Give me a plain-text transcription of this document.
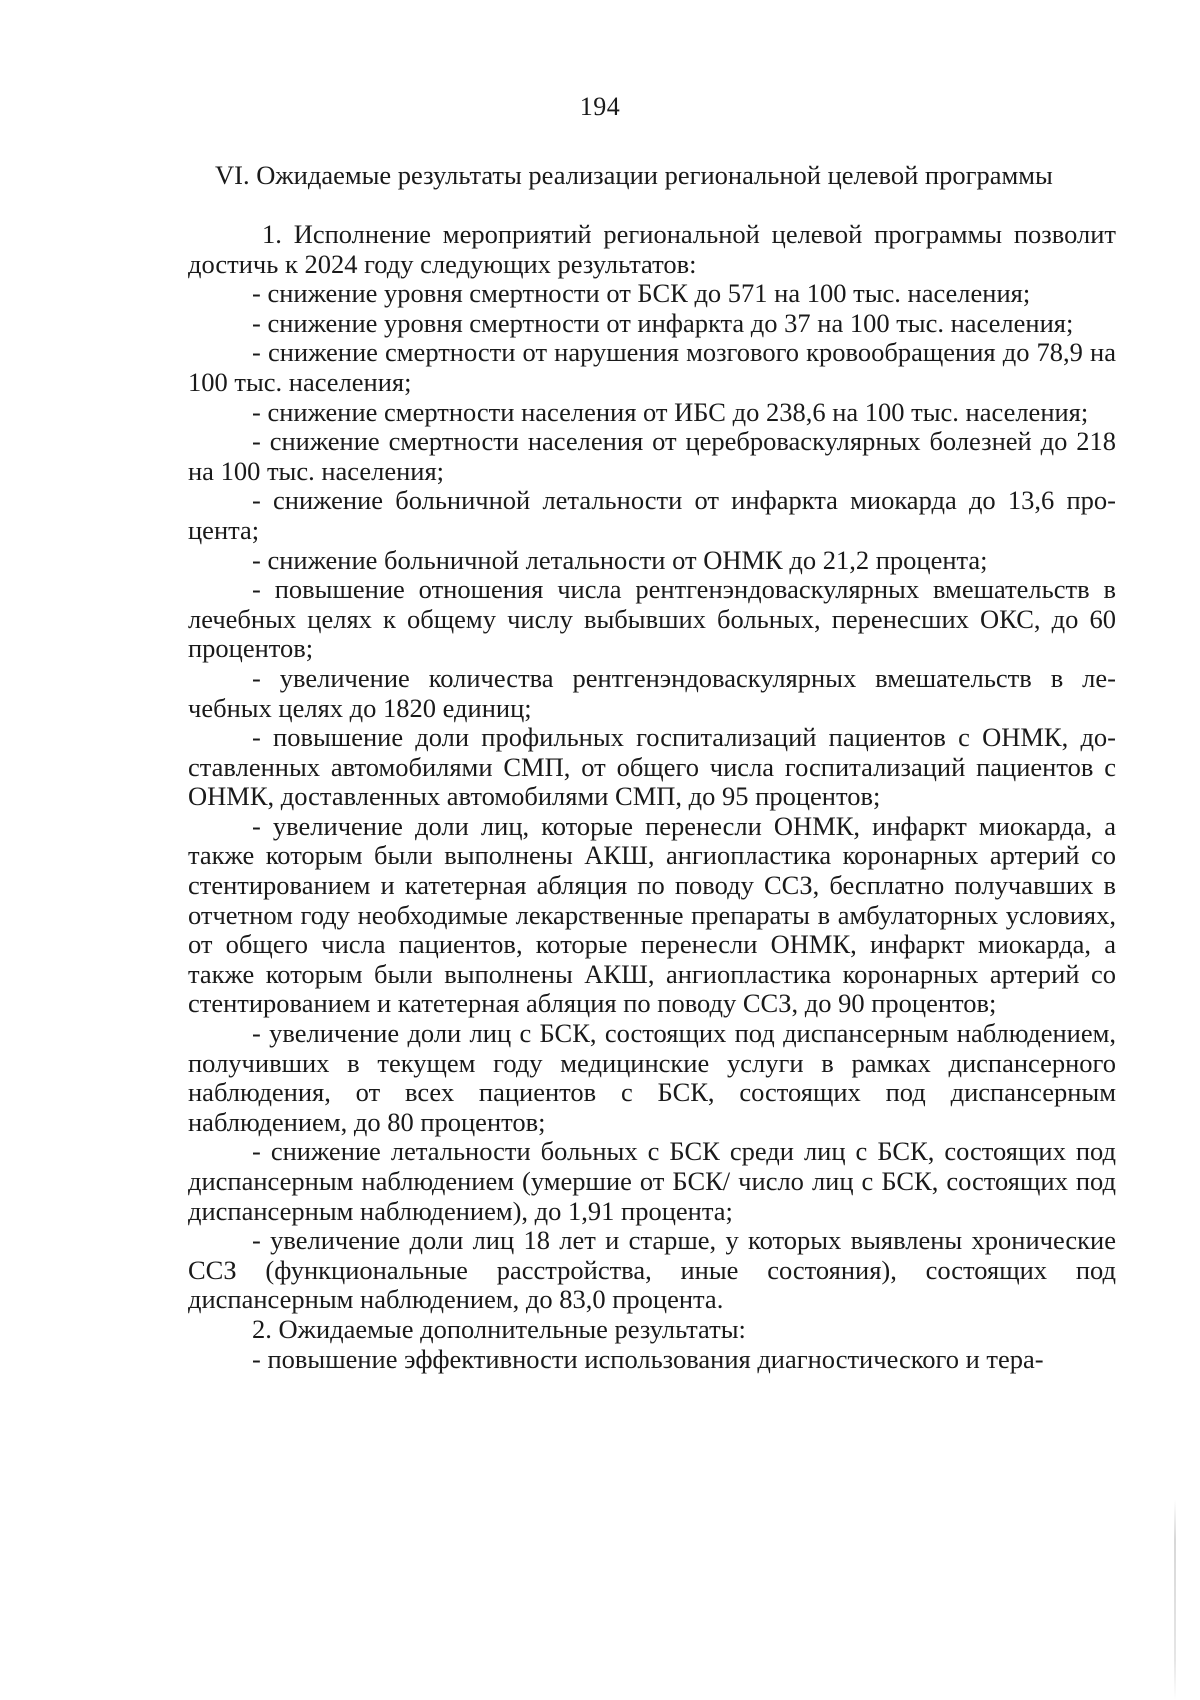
194
VI. Ожидаемые результаты реализации региональной целевой программы

1. Исполнение мероприятий региональной целевой программы позволит достичь к 2024 году следующих результатов:

- снижение уровня смертности от БСК до 571 на 100 тыс. населения;

- снижение уровня смертности от инфаркта до 37 на 100 тыс. населения;

- снижение смертности от нарушения мозгового кровообращения до 78,9 на 100 тыс. населения;

- снижение смертности населения от ИБС до 238,6 на 100 тыс. населения;

- снижение смертности населения от цереброваскулярных болезней до 218 на 100 тыс. населения;

- снижение больничной летальности от инфаркта миокарда до 13,6 процента;

- снижение больничной летальности от ОНМК до 21,2 процента;

- повышение отношения числа рентгенэндоваскулярных вмешательств в лечебных целях к общему числу выбывших больных, перенесших ОКС, до 60 процентов;

- увеличение количества рентгенэндоваскулярных вмешательств в лечебных целях до 1820 единиц;

- повышение доли профильных госпитализаций пациентов с ОНМК, доставленных автомобилями СМП, от общего числа госпитализаций пациентов с ОНМК, доставленных автомобилями СМП, до 95 процентов;

- увеличение доли лиц, которые перенесли ОНМК, инфаркт миокарда, а также которым были выполнены АКШ, ангиопластика коронарных артерий со стентированием и катетерная абляция по поводу ССЗ, бесплатно получавших в отчетном году необходимые лекарственные препараты в амбулаторных условиях, от общего числа пациентов, которые перенесли ОНМК, инфаркт миокарда, а также которым были выполнены АКШ, ангиопластика коронарных артерий со стентированием и катетерная абляция по поводу ССЗ, до 90 процентов;

- увеличение доли лиц с БСК, состоящих под диспансерным наблюдением, получивших в текущем году медицинские услуги в рамках диспансерного наблюдения, от всех пациентов с БСК, состоящих под диспансерным наблюдением, до 80 процентов;

- снижение летальности больных с БСК среди лиц с БСК, состоящих под диспансерным наблюдением (умершие от БСК/ число лиц с БСК, состоящих под диспансерным наблюдением), до 1,91 процента;

- увеличение доли лиц 18 лет и старше, у которых выявлены хронические ССЗ (функциональные расстройства, иные состояния), состоящих под диспансерным наблюдением, до 83,0 процента.

2. Ожидаемые дополнительные результаты:

- повышение эффективности использования диагностического и тера-
